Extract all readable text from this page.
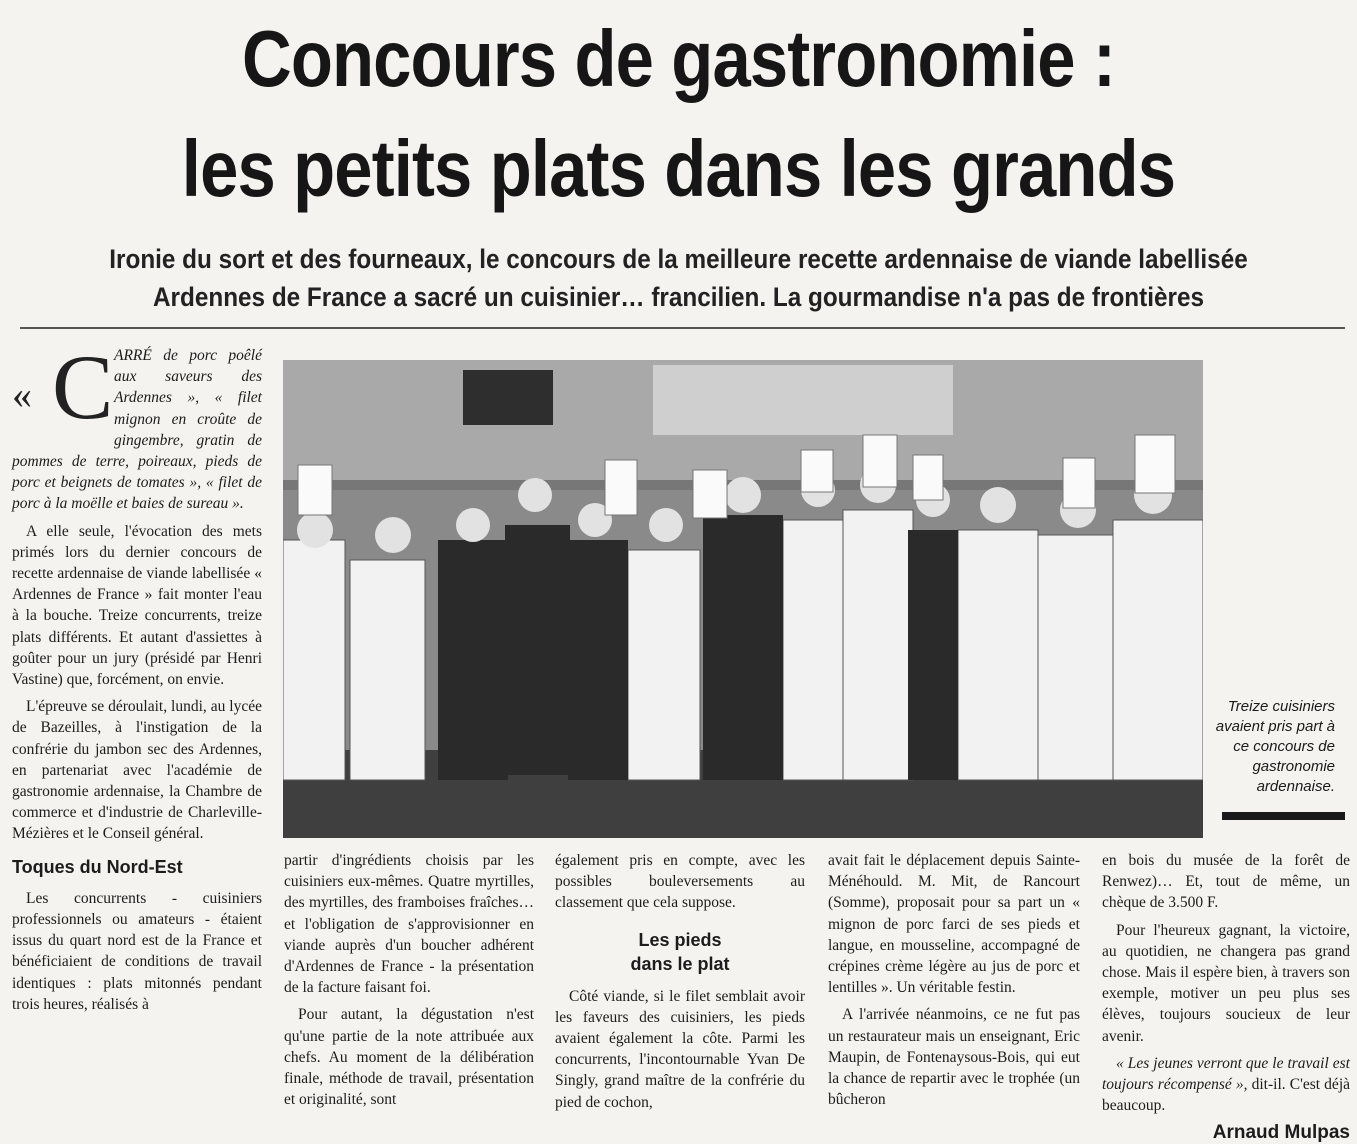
Concours de gastronomie :
les petits plats dans les grands
Ironie du sort et des fourneaux, le concours de la meilleure recette ardennaise de viande labellisée
Ardennes de France a sacré un cuisinier… francilien. La gourmandise n'a pas de frontières
« C ARRÉ de porc poêlé aux saveurs des Ardennes », « filet mignon en croûte de gingembre, gratin de pommes de terre, poireaux, pieds de porc et beignets de tomates », « filet de porc à la moëlle et baies de sureau ».

A elle seule, l'évocation des mets primés lors du dernier concours de recette ardennaise de viande labellisée « Ardennes de France » fait monter l'eau à la bouche. Treize concurrents, treize plats différents. Et autant d'assiettes à goûter pour un jury (présidé par Henri Vastine) que, forcément, on envie.

L'épreuve se déroulait, lundi, au lycée de Bazeilles, à l'instigation de la confrérie du jambon sec des Ardennes, en partenariat avec l'académie de gastronomie ardennaise, la Chambre de commerce et d'industrie de Charleville-Mézières et le Conseil général.

Toques du Nord-Est

Les concurrents - cuisiniers professionnels ou amateurs - étaient issus du quart nord est de la France et bénéficiaient de conditions de travail identiques : plats mitonnés pendant trois heures, réalisés à

Treize cuisiniers avaient pris part à ce concours de gastronomie ardennaise.

partir d'ingrédients choisis par les cuisiniers eux-mêmes. Quatre myrtilles, des myrtilles, des framboises fraîches… et l'obligation de s'approvisionner en viande auprès d'un boucher adhérent d'Ardennes de France - la présentation de la facture faisant foi.

Pour autant, la dégustation n'est qu'une partie de la note attribuée aux chefs. Au moment de la délibération finale, méthode de travail, présentation et originalité, sont

également pris en compte, avec les possibles bouleversements au classement que cela suppose.

Les pieds
dans le plat

Côté viande, si le filet semblait avoir les faveurs des cuisiniers, les pieds avaient également la côte. Parmi les concurrents, l'incontournable Yvan De Singly, grand maître de la confrérie du pied de cochon,

avait fait le déplacement depuis Sainte-Ménéhould. M. Mit, de Rancourt (Somme), proposait pour sa part un « mignon de porc farci de ses pieds et langue, en mousseline, accompagné de crépines crème légère au jus de porc et lentilles ». Un véritable festin.

A l'arrivée néanmoins, ce ne fut pas un restaurateur mais un enseignant, Eric Maupin, de Fontenaysous-Bois, qui eut la chance de repartir avec le trophée (un bûcheron

en bois du musée de la forêt de Renwez)… Et, tout de même, un chèque de 3.500 F.

Pour l'heureux gagnant, la victoire, au quotidien, ne changera pas grand chose. Mais il espère bien, à travers son exemple, motiver un peu plus ses élèves, toujours soucieux de leur avenir.

« Les jeunes verront que le travail est toujours récompensé », dit-il. C'est déjà beaucoup.

Arnaud Mulpas
